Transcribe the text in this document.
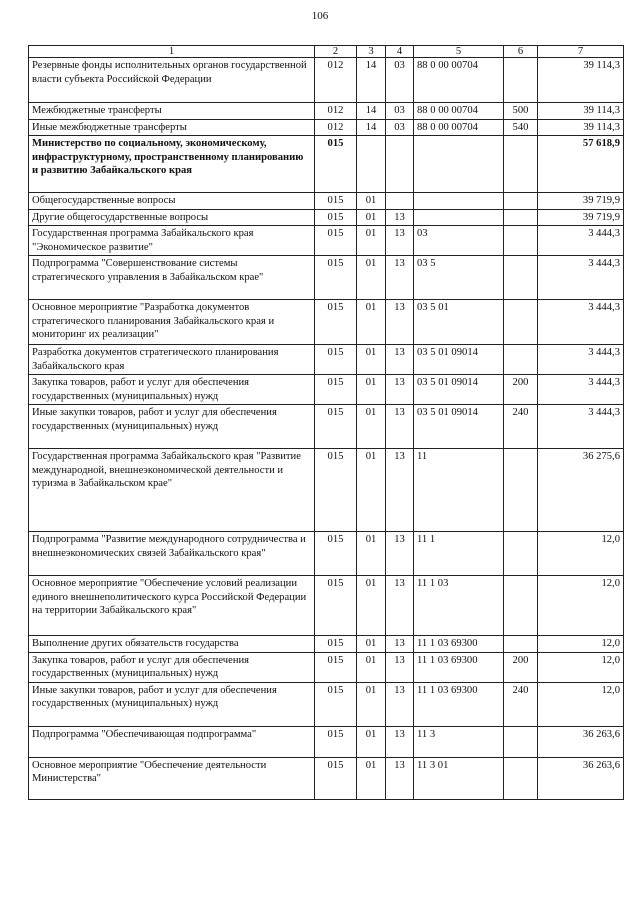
106
1	2	3	4	5	6	7
Резервные фонды исполнительных органов государственной власти субъекта Российской Федерации	012	14	03	88 0 00 00704		39 114,3
Межбюджетные трансферты	012	14	03	88 0 00 00704	500	39 114,3
Иные межбюджетные трансферты	012	14	03	88 0 00 00704	540	39 114,3
Министерство по социальному, экономическому, инфраструктурному, пространственному планированию и развитию Забайкальского края	015					57 618,9
Общегосударственные вопросы	015	01				39 719,9
Другие общегосударственные вопросы	015	01	13			39 719,9
Государственная программа Забайкальского края "Экономическое развитие"	015	01	13	03		3 444,3
Подпрограмма "Совершенствование системы стратегического управления в Забайкальском крае"	015	01	13	03 5		3 444,3
Основное мероприятие "Разработка документов стратегического планирования Забайкальского края и мониторинг их реализации"	015	01	13	03 5 01		3 444,3
Разработка документов стратегического планирования Забайкальского края	015	01	13	03 5 01 09014		3 444,3
Закупка товаров, работ и услуг для обеспечения государственных (муниципальных) нужд	015	01	13	03 5 01 09014	200	3 444,3
Иные закупки товаров, работ и услуг для обеспечения государственных (муниципальных) нужд	015	01	13	03 5 01 09014	240	3 444,3
Государственная программа Забайкальского края "Развитие международной, внешнеэкономической деятельности и туризма в Забайкальском крае"	015	01	13	11		36 275,6
Подпрограмма "Развитие международного сотрудничества и внешнеэкономических связей Забайкальского края"	015	01	13	11 1		12,0
Основное мероприятие "Обеспечение условий реализации единого внешнеполитического курса Российской Федерации на территории Забайкальского края"	015	01	13	11 1 03		12,0
Выполнение других обязательств государства	015	01	13	11 1 03 69300		12,0
Закупка товаров, работ и услуг для обеспечения государственных (муниципальных) нужд	015	01	13	11 1 03 69300	200	12,0
Иные закупки товаров, работ и услуг для обеспечения государственных (муниципальных) нужд	015	01	13	11 1 03 69300	240	12,0
Подпрограмма "Обеспечивающая подпрограмма"	015	01	13	11 3		36 263,6
Основное мероприятие "Обеспечение деятельности Министерства"	015	01	13	11 3 01		36 263,6
